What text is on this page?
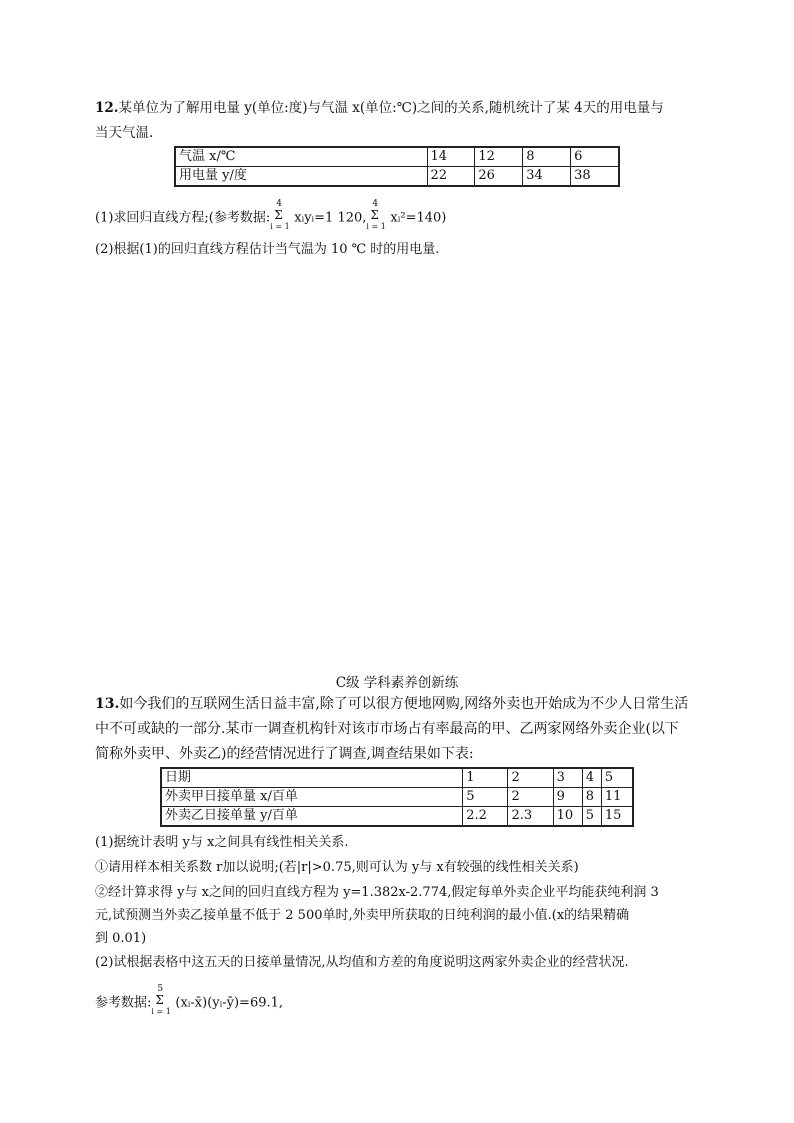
12.某单位为了解用电量 y(单位:度)与气温 x(单位:℃)之间的关系,随机统计了某 4天的用电量与
当天气温.
气温 x/℃	14	12	8	6
用电量 y/度	22	26	34	38
(1)求回归直线方程;(参考数据:
4
Σ
i = 1
xᵢyᵢ=1 120,
4
Σ
i = 1
xᵢ²=140)
(2)根据(1)的回归直线方程估计当气温为 10 ℃ 时的用电量.
C级 学科素养创新练
13.如今我们的互联网生活日益丰富,除了可以很方便地网购,网络外卖也开始成为不少人日常生活
中不可或缺的一部分.某市一调查机构针对该市市场占有率最高的甲、乙两家网络外卖企业(以下
简称外卖甲、外卖乙)的经营情况进行了调查,调查结果如下表:
日期	1	2	3	4	5
外卖甲日接单量 x/百单	5	2	9	8	11
外卖乙日接单量 y/百单	2.2	2.3	10	5	15
(1)据统计表明 y与 x之间具有线性相关关系.
①请用样本相关系数 r加以说明;(若|r|>0.75,则可认为 y与 x有较强的线性相关关系)
②经计算求得 y与 x之间的回归直线方程为 y=1.382x-2.774,假定每单外卖企业平均能获纯利润 3
元,试预测当外卖乙接单量不低于 2 500单时,外卖甲所获取的日纯利润的最小值.(x的结果精确
到 0.01)
(2)试根据表格中这五天的日接单量情况,从均值和方差的角度说明这两家外卖企业的经营状况.
参考数据:
5
Σ
i = 1
(xᵢ-x̄)(yᵢ-ȳ)=69.1,
